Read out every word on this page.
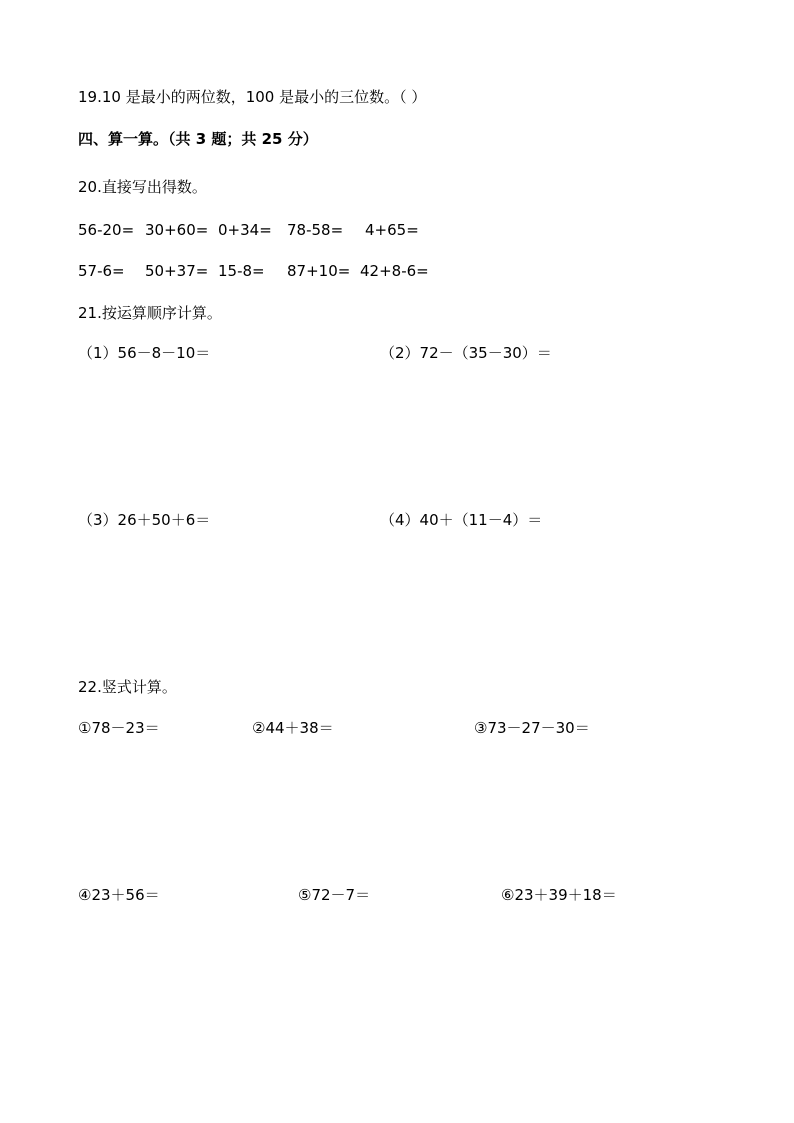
19.10 是最小的两位数，100 是最小的三位数。（ ）
四、算一算。（共 3 题；共 25 分）
20.直接写出得数。
56-20= 30+60= 0+34= 78-58= 4+65=
57-6= 50+37= 15-8= 87+10= 42+8-6=
21.按运算顺序计算。
（1）56－8－10＝	（2）72－（35－30）＝
（3）26＋50＋6＝	（4）40＋（11－4）＝
22.竖式计算。
①78－23＝	②44＋38＝	③73－27－30＝
④23＋56＝	⑤72－7＝	⑥23＋39＋18＝
